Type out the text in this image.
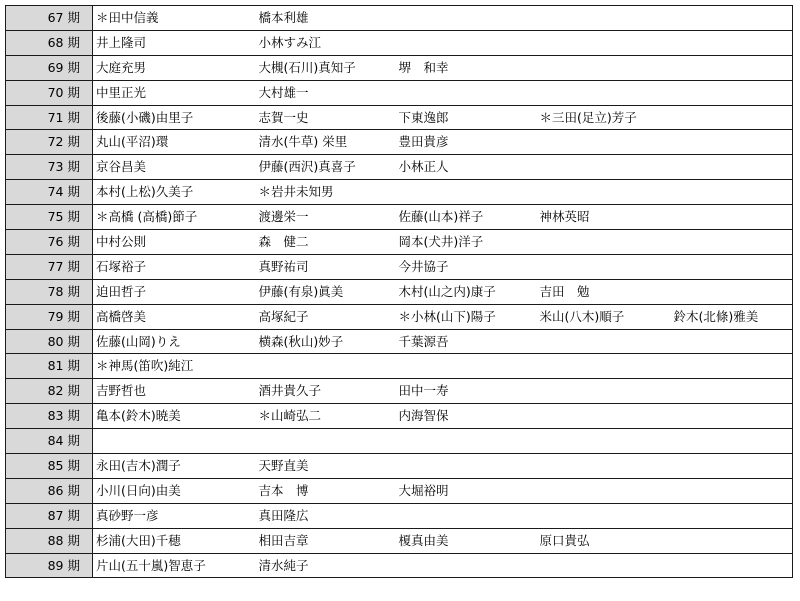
67 期	＊田中信義	橋本利雄			
68 期	井上隆司	小林すみ江			
69 期	大庭充男	大槻(石川)真知子	堺　和幸		
70 期	中里正光	大村雄一			
71 期	後藤(小磯)由里子	志賀一史	下東逸郎	＊三田(足立)芳子	
72 期	丸山(平沼)環	清水(牛草) 栄里	豊田貴彦		
73 期	京谷昌美	伊藤(西沢)真喜子	小林正人		
74 期	本村(上松)久美子	＊岩井未知男			
75 期	＊高橋 (高橋)節子	渡邊栄一	佐藤(山本)祥子	神林英昭	
76 期	中村公則	森　健二	岡本(犬井)洋子		
77 期	石塚裕子	真野祐司	今井協子		
78 期	迫田哲子	伊藤(有泉)眞美	木村(山之内)康子	吉田　勉	
79 期	高橋啓美	高塚紀子	＊小林(山下)陽子	米山(八木)順子	鈴木(北條)雅美
80 期	佐藤(山岡)りえ	横森(秋山)妙子	千葉源吾		
81 期	＊神馬(笛吹)純江				
82 期	吉野哲也	酒井貴久子	田中一寿		
83 期	亀本(鈴木)暁美	＊山崎弘二	内海智保		
84 期					
85 期	永田(吉木)潤子	天野直美			
86 期	小川(日向)由美	吉本　博	大堀裕明		
87 期	真砂野一彦	真田隆広			
88 期	杉浦(大田)千穂	相田吉章	榎真由美	原口貴弘	
89 期	片山(五十嵐)智恵子	清水純子			
